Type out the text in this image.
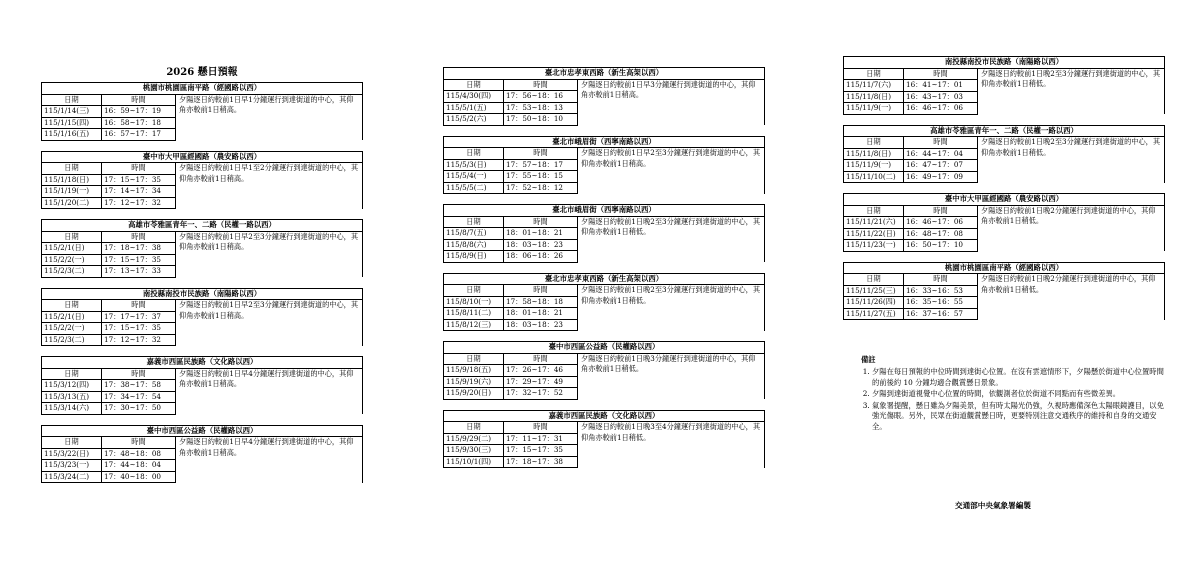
2026 懸日預報
桃園市桃園區南平路（經國路以西）		
日期	時間	夕陽逐日約較前1日早1分鐘運行到達街道的中心，其仰角亦較前1日稍高。
115/1/14(三)	16：59~17：19	
115/1/15(四)	16：58~17：18	
115/1/16(五)	16：57~17：17	
臺中市大甲區經國路（農安路以西）		
日期	時間	夕陽逐日約較前1日早1至2分鐘運行到達街道的中心，其仰角亦較前1日稍高。
115/1/18(日)	17：15~17：35	
115/1/19(一)	17：14~17：34	
115/1/20(二)	17：12~17：32	
高雄市苓雅區青年一、二路（民權一路以西）		
日期	時間	夕陽逐日約較前1日早2至3分鐘運行到達街道的中心，其仰角亦較前1日稍高。
115/2/1(日)	17：18~17：38	
115/2/2(一)	17：15~17：35	
115/2/3(二)	17：13~17：33	
南投縣南投市民族路（南陽路以西）		
日期	時間	夕陽逐日約較前1日早2至3分鐘運行到達街道的中心，其仰角亦較前1日稍高。
115/2/1(日)	17：17~17：37	
115/2/2(一)	17：15~17：35	
115/2/3(二)	17：12~17：32	
嘉義市西區民族路（文化路以西）		
日期	時間	夕陽逐日約較前1日早4分鐘運行到達街道的中心，其仰角亦較前1日稍高。
115/3/12(四)	17：38~17：58	
115/3/13(五)	17：34~17：54	
115/3/14(六)	17：30~17：50	
臺中市西區公益路（民權路以西）		
日期	時間	夕陽逐日約較前1日早4分鐘運行到達街道的中心，其仰角亦較前1日稍高。
115/3/22(日)	17：48~18：08	
115/3/23(一)	17：44~18：04	
115/3/24(二)	17：40~18：00	
臺北市忠孝東西路（新生高架以西）		
日期	時間	夕陽逐日約較前1日早3分鐘運行到達街道的中心，其仰角亦較前1日稍高。
115/4/30(四)	17：56~18：16	
115/5/1(五)	17：53~18：13	
115/5/2(六)	17：50~18：10	
臺北市峨眉街（西寧南路以西）		
日期	時間	夕陽逐日約較前1日早2至3分鐘運行到達街道的中心，其仰角亦較前1日稍高。
115/5/3(日)	17：57~18：17	
115/5/4(一)	17：55~18：15	
115/5/5(二)	17：52~18：12	
臺北市峨眉街（西寧南路以西）		
日期	時間	夕陽逐日約較前1日晚2至3分鐘運行到達街道的中心，其仰角亦較前1日稍低。
115/8/7(五)	18：01~18：21	
115/8/8(六)	18：03~18：23	
115/8/9(日)	18：06~18：26	
臺北市忠孝東西路（新生高架以西）		
日期	時間	夕陽逐日約較前1日晚2至3分鐘運行到達街道的中心，其仰角亦較前1日稍低。
115/8/10(一)	17：58~18：18	
115/8/11(二)	18：01~18：21	
115/8/12(三)	18：03~18：23	
臺中市西區公益路（民權路以西）		
日期	時間	夕陽逐日約較前1日晚3分鐘運行到達街道的中心，其仰角亦較前1日稍低。
115/9/18(五)	17：26~17：46	
115/9/19(六)	17：29~17：49	
115/9/20(日)	17：32~17：52	
嘉義市西區民族路（文化路以西）		
日期	時間	夕陽逐日約較前1日晚3至4分鐘運行到達街道的中心，其仰角亦較前1日稍低。
115/9/29(二)	17：11~17：31	
115/9/30(三)	17：15~17：35	
115/10/1(四)	17：18~17：38	
南投縣南投市民族路（南陽路以西）		
日期	時間	夕陽逐日約較前1日晚2至3分鐘運行到達街道的中心，其仰角亦較前1日稍低。
115/11/7(六)	16：41~17：01	
115/11/8(日)	16：43~17：03	
115/11/9(一)	16：46~17：06	
高雄市苓雅區青年一、二路（民權一路以西）		
日期	時間	夕陽逐日約較前1日晚2至3分鐘運行到達街道的中心，其仰角亦較前1日稍低。
115/11/8(日)	16：44~17：04	
115/11/9(一)	16：47~17：07	
115/11/10(二)	16：49~17：09	
臺中市大甲區經國路（農安路以西）		
日期	時間	夕陽逐日約較前1日晚2分鐘運行到達街道的中心，其仰角亦較前1日稍低。
115/11/21(六)	16：46~17：06	
115/11/22(日)	16：48~17：08	
115/11/23(一)	16：50~17：10	
桃園市桃園區南平路（經國路以西）		
日期	時間	夕陽逐日約較前1日晚2分鐘運行到達街道的中心，其仰角亦較前1日稍低。
115/11/25(三)	16：33~16：53	
115/11/26(四)	16：35~16：55	
115/11/27(五)	16：37~16：57	
備註
1. 夕陽在每日預報的中位時間到達街心位置。在沒有雲遮情形下，夕陽懸於街道中心位置時間的前後約 10 分鐘均適合觀賞懸日景象。
2. 夕陽到達街道視覺中心位置的時間，依觀測者位於街道不同點而有些微差異。
3. 氣象署提醒，懸日雖為夕陽美景，但有時太陽光仍強，久視時應備深色太陽眼鏡護目，以免強光傷眼。另外，民眾在街道觀賞懸日時，更要特別注意交通秩序的維持和自身的交通安全。
交通部中央氣象署編製
